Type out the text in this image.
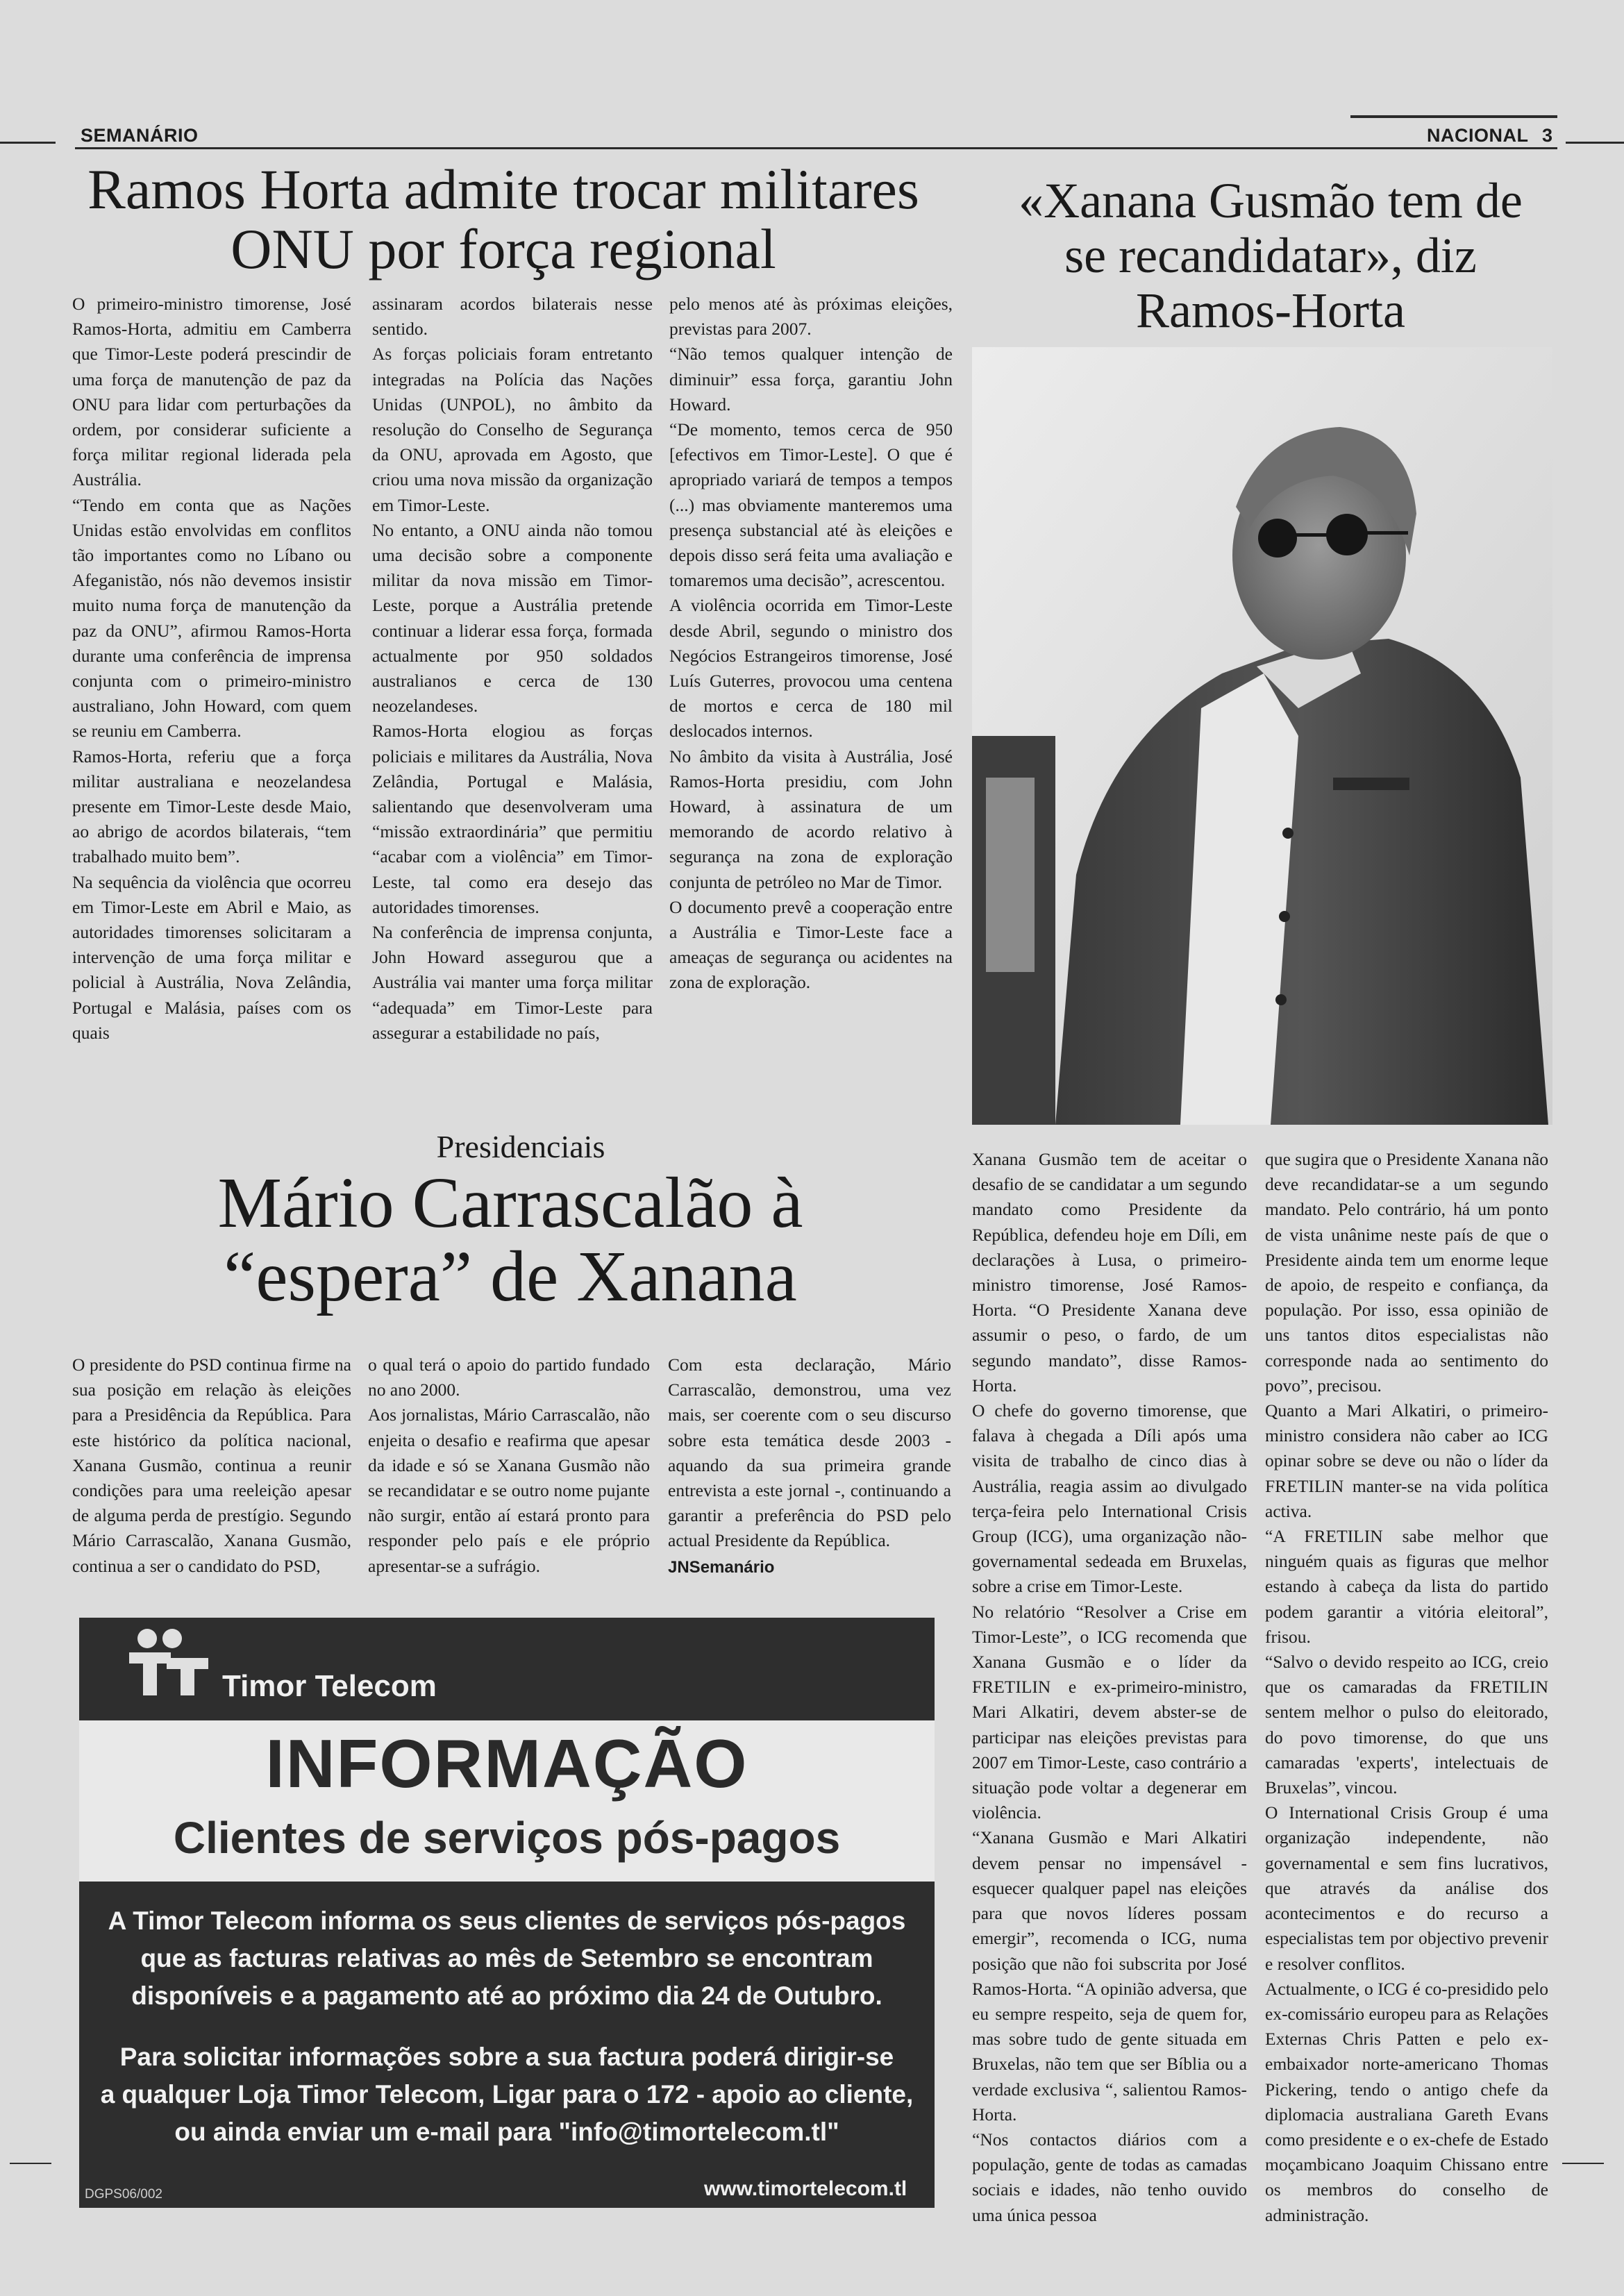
SEMANÁRIO	NACIONAL 3
Ramos Horta admite trocar militares
ONU por força regional

O primeiro-ministro timorense, José Ramos-Horta, admitiu em Camberra que Timor-Leste poderá prescindir de uma força de manutenção de paz da ONU para lidar com perturbações da ordem, por considerar suficiente a força militar regional liderada pela Austrália.

“Tendo em conta que as Nações Unidas estão envolvidas em conflitos tão importantes como no Líbano ou Afeganistão, nós não devemos insistir muito numa força de manutenção da paz da ONU”, afirmou Ramos-Horta durante uma conferência de imprensa conjunta com o primeiro-ministro australiano, John Howard, com quem se reuniu em Camberra.

Ramos-Horta, referiu que a força militar australiana e neozelandesa presente em Timor-Leste desde Maio, ao abrigo de acordos bilaterais, “tem trabalhado muito bem”.

Na sequência da violência que ocorreu em Timor-Leste em Abril e Maio, as autoridades timorenses solicitaram a intervenção de uma força militar e policial à Austrália, Nova Zelândia, Portugal e Malásia, países com os quais

assinaram acordos bilaterais nesse sentido.

As forças policiais foram entretanto integradas na Polícia das Nações Unidas (UNPOL), no âmbito da resolução do Conselho de Segurança da ONU, aprovada em Agosto, que criou uma nova missão da organização em Timor-Leste.

No entanto, a ONU ainda não tomou uma decisão sobre a componente militar da nova missão em Timor-Leste, porque a Austrália pretende continuar a liderar essa força, formada actualmente por 950 soldados australianos e cerca de 130 neozelandeses.

Ramos-Horta elogiou as forças policiais e militares da Austrália, Nova Zelândia, Portugal e Malásia, salientando que desenvolveram uma “missão extraordinária” que permitiu “acabar com a violência” em Timor-Leste, tal como era desejo das autoridades timorenses.

Na conferência de imprensa conjunta, John Howard assegurou que a Austrália vai manter uma força militar “adequada” em Timor-Leste para assegurar a estabilidade no país,

pelo menos até às próximas eleições, previstas para 2007.

“Não temos qualquer intenção de diminuir” essa força, garantiu John Howard.

“De momento, temos cerca de 950 [efectivos em Timor-Leste]. O que é apropriado variará de tempos a tempos (...) mas obviamente manteremos uma presença substancial até às eleições e depois disso será feita uma avaliação e tomaremos uma decisão”, acrescentou.

A violência ocorrida em Timor-Leste desde Abril, segundo o ministro dos Negócios Estrangeiros timorense, José Luís Guterres, provocou uma centena de mortos e cerca de 180 mil deslocados internos.

No âmbito da visita à Austrália, José Ramos-Horta presidiu, com John Howard, à assinatura de um memorando de acordo relativo à segurança na zona de exploração conjunta de petróleo no Mar de Timor.

O documento prevê a cooperação entre a Austrália e Timor-Leste face a ameaças de segurança ou acidentes na zona de exploração.

«Xanana Gusmão tem de
se recandidatar», diz
Ramos-Horta
Presidenciais
Mário Carrascalão à
“espera” de Xanana

O presidente do PSD continua firme na sua posição em relação às eleições para a Presidência da República. Para este histórico da política nacional, Xanana Gusmão, continua a reunir condições para uma reeleição apesar de alguma perda de prestígio. Segundo Mário Carrascalão, Xanana Gusmão, continua a ser o candidato do PSD,

o qual terá o apoio do partido fundado no ano 2000.

Aos jornalistas, Mário Carrascalão, não enjeita o desafio e reafirma que apesar da idade e só se Xanana Gusmão não se recandidatar e se outro nome pujante não surgir, então aí estará pronto para responder pelo país e ele próprio apresentar-se a sufrágio.

Com esta declaração, Mário Carrascalão, demonstrou, uma vez mais, ser coerente com o seu discurso sobre esta temática desde 2003 - aquando da sua primeira grande entrevista a este jornal -, continuando a garantir a preferência do PSD pelo actual Presidente da República.

JNSemanário

Xanana Gusmão tem de aceitar o desafio de se candidatar a um segundo mandato como Presidente da República, defendeu hoje em Díli, em declarações à Lusa, o primeiro-ministro timorense, José Ramos-Horta. “O Presidente Xanana deve assumir o peso, o fardo, de um segundo mandato”, disse Ramos-Horta.

O chefe do governo timorense, que falava à chegada a Díli após uma visita de trabalho de cinco dias à Austrália, reagia assim ao divulgado terça-feira pelo International Crisis Group (ICG), uma organização não-governamental sedeada em Bruxelas, sobre a crise em Timor-Leste.

No relatório “Resolver a Crise em Timor-Leste”, o ICG recomenda que Xanana Gusmão e o líder da FRETILIN e ex-primeiro-ministro, Mari Alkatiri, devem abster-se de participar nas eleições previstas para 2007 em Timor-Leste, caso contrário a situação pode voltar a degenerar em violência.

“Xanana Gusmão e Mari Alkatiri devem pensar no impensável - esquecer qualquer papel nas eleições para que novos líderes possam emergir”, recomenda o ICG, numa posição que não foi subscrita por José Ramos-Horta. “A opinião adversa, que eu sempre respeito, seja de quem for, mas sobre tudo de gente situada em Bruxelas, não tem que ser Bíblia ou a verdade exclusiva “, salientou Ramos-Horta.

“Nos contactos diários com a população, gente de todas as camadas sociais e idades, não tenho ouvido uma única pessoa

que sugira que o Presidente Xanana não deve recandidatar-se a um segundo mandato. Pelo contrário, há um ponto de vista unânime neste país de que o Presidente ainda tem um enorme leque de apoio, de respeito e confiança, da população. Por isso, essa opinião de uns tantos ditos especialistas não corresponde nada ao sentimento do povo”, precisou.

Quanto a Mari Alkatiri, o primeiro-ministro considera não caber ao ICG opinar sobre se deve ou não o líder da FRETILIN manter-se na vida política activa.

“A FRETILIN sabe melhor que ninguém quais as figuras que melhor estando à cabeça da lista do partido podem garantir a vitória eleitoral”, frisou.

“Salvo o devido respeito ao ICG, creio que os camaradas da FRETILIN sentem melhor o pulso do eleitorado, do povo timorense, do que uns camaradas 'experts', intelectuais de Bruxelas”, vincou.

O International Crisis Group é uma organização independente, não governamental e sem fins lucrativos, que através da análise dos acontecimentos e do recurso a especialistas tem por objectivo prevenir e resolver conflitos.

Actualmente, o ICG é co-presidido pelo ex-comissário europeu para as Relações Externas Chris Patten e pelo ex-embaixador norte-americano Thomas Pickering, tendo o antigo chefe da diplomacia australiana Gareth Evans como presidente e o ex-chefe de Estado moçambicano Joaquim Chissano entre os membros do conselho de administração.

Timor Telecom
INFORMAÇÃO
Clientes de serviços pós-pagos
A Timor Telecom informa os seus clientes de serviços pós-pagos
que as facturas relativas ao mês de Setembro se encontram
disponíveis e a pagamento até ao próximo dia 24 de Outubro.
Para solicitar informações sobre a sua factura poderá dirigir-se
a qualquer Loja Timor Telecom, Ligar para o 172 - apoio ao cliente,
ou ainda enviar um e-mail para "info@timortelecom.tl"
DGPS06/002	www.timortelecom.tl
